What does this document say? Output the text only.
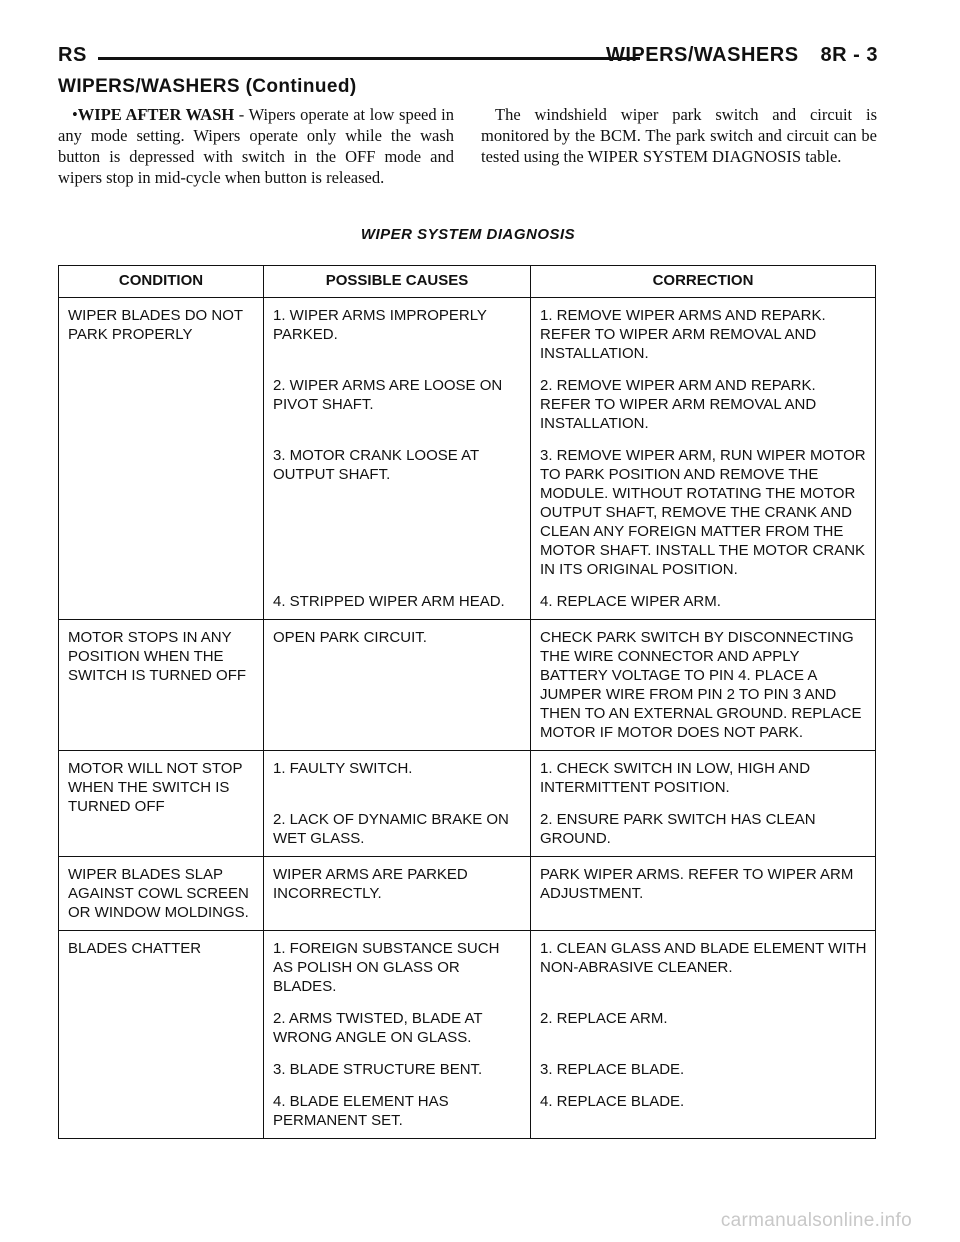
RS	WIPERS/WASHERS 8R - 3
WIPERS/WASHERS (Continued)

•WIPE AFTER WASH - Wipers operate at low speed in any mode setting. Wipers operate only while the wash button is depressed with switch in the OFF mode and wipers stop in mid-cycle when button is released.

The windshield wiper park switch and circuit is monitored by the BCM. The park switch and circuit can be tested using the WIPER SYSTEM DIAGNOSIS table.

WIPER SYSTEM DIAGNOSIS
CONDITION	POSSIBLE CAUSES	CORRECTION
WIPER BLADES DO NOT PARK PROPERLY	1. WIPER ARMS IMPROPERLY PARKED.	1. REMOVE WIPER ARMS AND REPARK. REFER TO WIPER ARM REMOVAL AND INSTALLATION.
	2. WIPER ARMS ARE LOOSE ON PIVOT SHAFT.	2. REMOVE WIPER ARM AND REPARK. REFER TO WIPER ARM REMOVAL AND INSTALLATION.
	3. MOTOR CRANK LOOSE AT OUTPUT SHAFT.	3. REMOVE WIPER ARM, RUN WIPER MOTOR TO PARK POSITION AND REMOVE THE MODULE. WITHOUT ROTATING THE MOTOR OUTPUT SHAFT, REMOVE THE CRANK AND CLEAN ANY FOREIGN MATTER FROM THE MOTOR SHAFT. INSTALL THE MOTOR CRANK IN ITS ORIGINAL POSITION.
	4. STRIPPED WIPER ARM HEAD.	4. REPLACE WIPER ARM.
MOTOR STOPS IN ANY POSITION WHEN THE SWITCH IS TURNED OFF	OPEN PARK CIRCUIT.	CHECK PARK SWITCH BY DISCONNECTING THE WIRE CONNECTOR AND APPLY BATTERY VOLTAGE TO PIN 4. PLACE A JUMPER WIRE FROM PIN 2 TO PIN 3 AND THEN TO AN EXTERNAL GROUND. REPLACE MOTOR IF MOTOR DOES NOT PARK.
MOTOR WILL NOT STOP WHEN THE SWITCH IS TURNED OFF	1. FAULTY SWITCH.	1. CHECK SWITCH IN LOW, HIGH AND INTERMITTENT POSITION.
	2. LACK OF DYNAMIC BRAKE ON WET GLASS.	2. ENSURE PARK SWITCH HAS CLEAN GROUND.
WIPER BLADES SLAP AGAINST COWL SCREEN OR WINDOW MOLDINGS.	WIPER ARMS ARE PARKED INCORRECTLY.	PARK WIPER ARMS. REFER TO WIPER ARM ADJUSTMENT.
BLADES CHATTER	1. FOREIGN SUBSTANCE SUCH AS POLISH ON GLASS OR BLADES.	1. CLEAN GLASS AND BLADE ELEMENT WITH NON-ABRASIVE CLEANER.
	2. ARMS TWISTED, BLADE AT WRONG ANGLE ON GLASS.	2. REPLACE ARM.
	3. BLADE STRUCTURE BENT.	3. REPLACE BLADE.
	4. BLADE ELEMENT HAS PERMANENT SET.	4. REPLACE BLADE.
carmanualsonline.info
